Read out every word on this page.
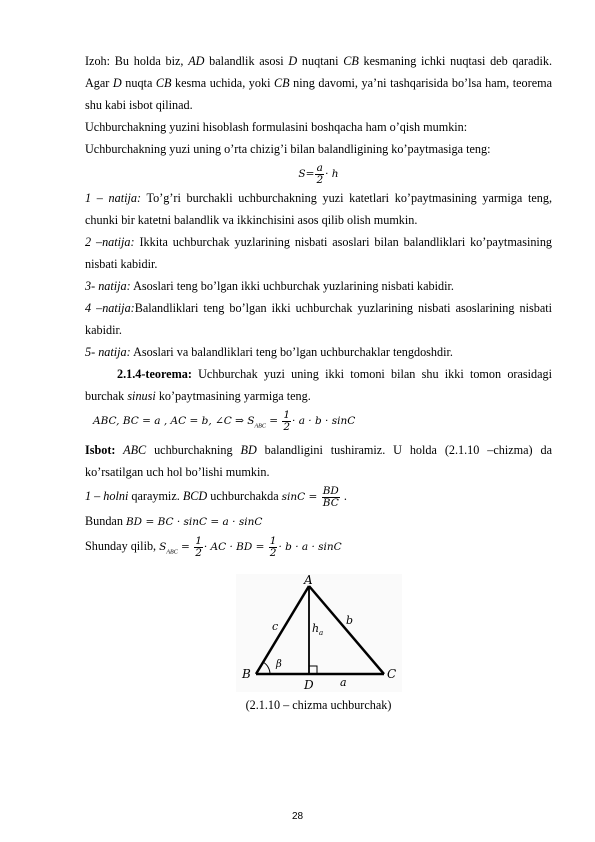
Izoh: Bu holda biz, AD balandlik asosi D nuqtani CB kesmaning ichki nuqtasi deb qaradik. Agar D nuqta CB kesma uchida, yoki CB ning davomi, ya’ni tashqarisida bo’lsa ham, teorema shu kabi isbot qilinad.
Uchburchakning yuzini hisoblash formulasini boshqacha ham o’qish mumkin:
Uchburchakning yuzi uning o’rta chizig’i bilan balandligining ko’paytmasiga teng:
$S= \frac{a}{2} \cdot h$
1 – natija: To’g’ri burchakli uchburchakning yuzi katetlari ko’paytmasining yarmiga teng, chunki bir katetni balandlik va ikkinchisini asos qilib olish mumkin.
2 –natija: Ikkita uchburchak yuzlarining nisbati asoslari bilan balandliklari ko’paytmasining nisbati kabidir.
3- natija: Asoslari teng bo’lgan ikki uchburchak yuzlarining nisbati kabidir.
4 –natija:Balandliklari teng bo’lgan ikki uchburchak yuzlarining nisbati asoslarining nisbati kabidir.
5- natija: Asoslari va balandliklari teng bo’lgan uchburchaklar tengdoshdir.
2.1.4-teorema: Uchburchak yuzi uning ikki tomoni bilan shu ikki tomon orasidagi burchak sinusi ko’paytmasining yarmiga teng.
ABC, BC = a , AC = b, ∠C ⇒ $S_{ABC} = \frac{1}{2} \cdot a \cdot b \cdot \sin C$
Isbot: ABC uchburchakning BD balandligini tushiramiz. U holda (2.1.10 –chizma) da ko’rsatilgan uch hol bo’lishi mumkin.
1 – holni qaraymiz. BCD uchburchakda $\sin C = \frac{BD}{BC}$ .
Bundan BD = BC · sinC = a · sinC
Shunday qilib, $S_{ABC} = \frac{1}{2}$ · AC · BD = $\frac{1}{2} \cdot b \cdot a \cdot \sin C$
A
B	C
D a
b
c	h a
β
(2.1.10 – chizma uchburchak)
28
